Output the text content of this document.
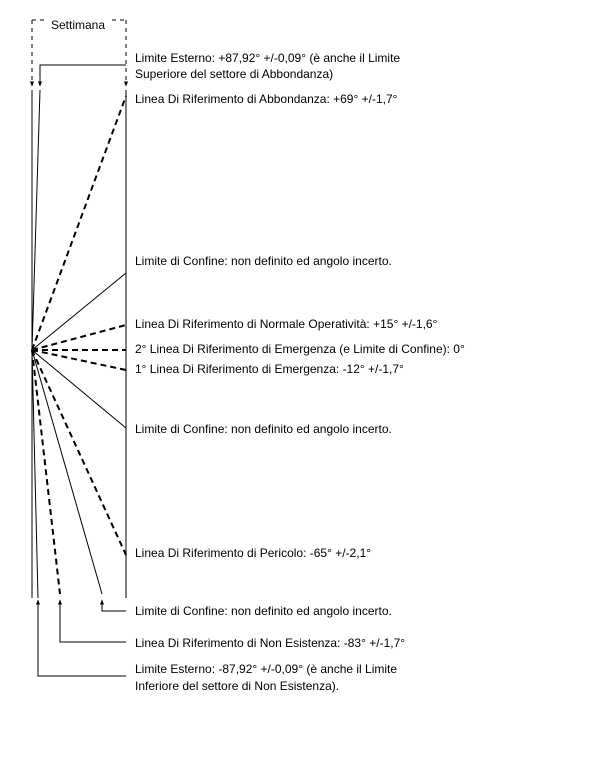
Settimana
Limite Esterno: +87,92° +/-0,09° (è anche il Limite
Superiore del settore di Abbondanza)
Linea Di Riferimento di Abbondanza: +69° +/-1,7°
Limite di Confine: non definito ed angolo incerto.
Linea Di Riferimento di Normale Operatività: +15° +/-1,6°
2° Linea Di Riferimento di Emergenza (e Limite di Confine): 0°
1° Linea Di Riferimento di Emergenza: -12° +/-1,7°
Limite di Confine: non definito ed angolo incerto.
Linea Di Riferimento di Pericolo: -65° +/-2,1°
Limite di Confine: non definito ed angolo incerto.
Linea Di Riferimento di Non Esistenza: -83° +/-1,7°
Limite Esterno: -87,92° +/-0,09° (è anche il Limite
Inferiore del settore di Non Esistenza).
